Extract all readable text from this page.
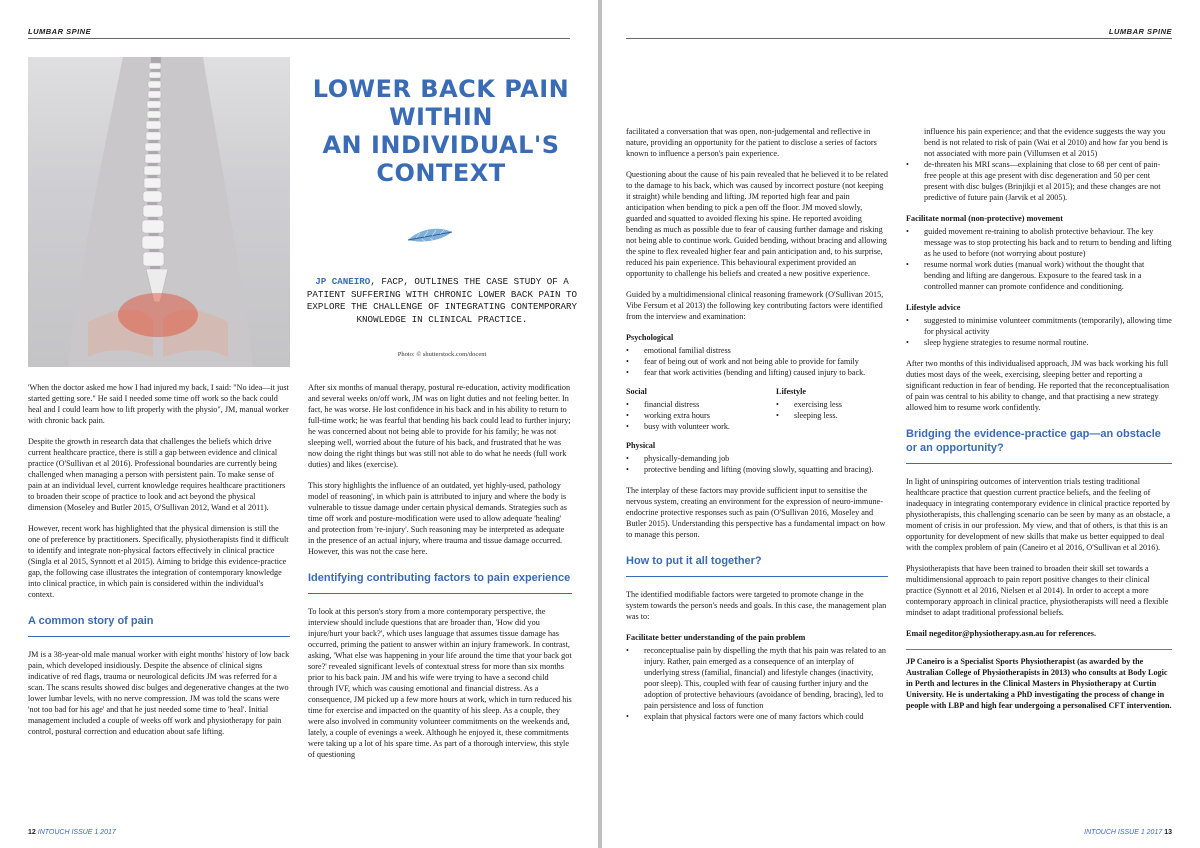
LUMBAR SPINE
LOWER BACK PAIN
WITHIN
AN INDIVIDUAL'S
CONTEXT
JP CANEIRO, FACP, OUTLINES THE CASE STUDY OF A PATIENT SUFFERING WITH CHRONIC LOWER BACK PAIN TO EXPLORE THE CHALLENGE OF INTEGRATING CONTEMPORARY KNOWLEDGE IN CLINICAL PRACTICE.
Photo: © shutterstock.com/docent

'When the doctor asked me how I had injured my back, I said: "No idea—it just started getting sore." He said I needed some time off work so the back could heal and I could learn how to lift properly with the physio", JM, manual worker with chronic back pain.

Despite the growth in research data that challenges the beliefs which drive current healthcare practice, there is still a gap between evidence and clinical practice (O'Sullivan et al 2016). Professional boundaries are currently being challenged when managing a person with persistent pain. To make sense of pain at an individual level, current knowledge requires healthcare practitioners to broaden their scope of practice to look and act beyond the physical dimension (Moseley and Butler 2015, O'Sullivan 2012, Wand et al 2011).

However, recent work has highlighted that the physical dimension is still the one of preference by practitioners. Specifically, physiotherapists find it difficult to identify and integrate non-physical factors effectively in clinical practice (Singla et al 2015, Synnott et al 2015). Aiming to bridge this evidence-practice gap, the following case illustrates the integration of contemporary knowledge into clinical practice, in which pain is considered within the individual's context.

A common story of pain

JM is a 38-year-old male manual worker with eight months' history of low back pain, which developed insidiously. Despite the absence of clinical signs indicative of red flags, trauma or neurological deficits JM was referred for a scan. The scans results showed disc bulges and degenerative changes at the two lower lumbar levels, with no nerve compression. JM was told the scans were 'not too bad for his age' and that he just needed some time to 'heal'. Initial management included a couple of weeks off work and physiotherapy for pain control, postural correction and education about safe lifting.

After six months of manual therapy, postural re-education, activity modification and several weeks on/off work, JM was on light duties and not feeling better. In fact, he was worse. He lost confidence in his back and in his ability to return to full-time work; he was fearful that bending his back could lead to further injury; he was concerned about not being able to provide for his family; he was not sleeping well, worried about the future of his back, and frustrated that he was now doing the right things but was still not able to do what he needs (full work duties) and likes (exercise).

This story highlights the influence of an outdated, yet highly-used, pathology model of reasoning', in which pain is attributed to injury and where the body is vulnerable to tissue damage under certain physical demands. Strategies such as time off work and posture-modification were used to allow adequate 'healing' and protection from 're-injury'. Such reasoning may be interpreted as adequate in the presence of an actual injury, where trauma and tissue damage occurred. However, this was not the case here.

Identifying contributing factors to pain experience

To look at this person's story from a more contemporary perspective, the interview should include questions that are broader than, 'How did you injure/hurt your back?', which uses language that assumes tissue damage has occurred, priming the patient to answer within an injury framework. In contrast, asking, 'What else was happening in your life around the time that your back got sore?' revealed significant levels of contextual stress for more than six months prior to his back pain. JM and his wife were trying to have a second child through IVF, which was causing emotional and financial distress. As a consequence, JM picked up a few more hours at work, which in turn reduced his time for exercise and impacted on the quantity of his sleep. As a couple, they were also involved in community volunteer commitments on the weekends and, lately, a couple of evenings a week. Although he enjoyed it, these commitments were taking up a lot of his spare time. As part of a thorough interview, this style of questioning

12 INTOUCH ISSUE 1 2017
LUMBAR SPINE

facilitated a conversation that was open, non-judgemental and reflective in nature, providing an opportunity for the patient to disclose a series of factors known to influence a person's pain experience.

Questioning about the cause of his pain revealed that he believed it to be related to the damage to his back, which was caused by incorrect posture (not keeping it straight) while bending and lifting. JM reported high fear and pain anticipation when bending to pick a pen off the floor. JM moved slowly, guarded and squatted to avoided flexing his spine. He reported avoiding bending as much as possible due to fear of causing further damage and risking not being able to continue work. Guided bending, without bracing and allowing the spine to flex revealed higher fear and pain anticipation and, to his surprise, reduced his pain experience. This behavioural experiment provided an opportunity to challenge his beliefs and created a new positive experience.

Guided by a multidimensional clinical reasoning framework (O'Sullivan 2015, Vibe Fersum et al 2013) the following key contributing factors were identified from the interview and examination:

Psychological
• emotional familial distress
• fear of being out of work and not being able to provide for family
• fear that work activities (bending and lifting) caused injury to back.
Social
• financial distress
• working extra hours
• busy with volunteer work.
Lifestyle
• exercising less
• sleeping less.
Physical
• physically-demanding job
• protective bending and lifting (moving slowly, squatting and bracing).

The interplay of these factors may provide sufficient input to sensitise the nervous system, creating an environment for the expression of neuro-immune-endocrine protective responses such as pain (O'Sullivan 2016, Moseley and Butler 2015). Understanding this perspective has a fundamental impact on how to manage this person.

How to put it all together?

The identified modifiable factors were targeted to promote change in the system towards the person's needs and goals. In this case, the management plan was to:

Facilitate better understanding of the pain problem
• reconceptualise pain by dispelling the myth that his pain was related to an injury. Rather, pain emerged as a consequence of an interplay of underlying stress (familial, financial) and lifestyle changes (inactivity, poor sleep). This, coupled with fear of causing further injury and the adoption of protective behaviours (avoidance of bending, bracing), led to pain persistence and loss of function
• explain that physical factors were one of many factors which could

influence his pain experience; and that the evidence suggests the way you bend is not related to risk of pain (Wai et al 2010) and how far you bend is not associated with more pain (Villumsen et al 2015)

• de-threaten his MRI scans—explaining that close to 68 per cent of pain-free people at this age present with disc degeneration and 50 per cent present with disc bulges (Brinjikji et al 2015); and these changes are not predictive of future pain (Jarvik et al 2005).
Facilitate normal (non-protective) movement
• guided movement re-training to abolish protective behaviour. The key message was to stop protecting his back and to return to bending and lifting as he used to before (not worrying about posture)
• resume normal work duties (manual work) without the thought that bending and lifting are dangerous. Exposure to the feared task in a controlled manner can promote confidence and conditioning.
Lifestyle advice
• suggested to minimise volunteer commitments (temporarily), allowing time for physical activity
• sleep hygiene strategies to resume normal routine.

After two months of this individualised approach, JM was back working his full duties most days of the week, exercising, sleeping better and reporting a significant reduction in fear of bending. He reported that the reconceptualisation of pain was central to his ability to change, and that practising a new strategy allowed him to resume work confidently.

Bridging the evidence-practice gap—an obstacle or an opportunity?

In light of uninspiring outcomes of intervention trials testing traditional healthcare practice that question current practice beliefs, and the feeling of inadequacy in integrating contemporary evidence in clinical practice reported by physiotherapists, this challenging scenario can be seen by many as an obstacle, a moment of crisis in our profession. My view, and that of others, is that this is an opportunity for development of new skills that make us better equipped to deal with the complex problem of pain (Caneiro et al 2016, O'Sullivan et al 2016).

Physiotherapists that have been trained to broaden their skill set towards a multidimensional approach to pain report positive changes to their clinical practice (Synnott et al 2016, Nielsen et al 2014). In order to accept a more contemporary approach in clinical practice, physiotherapists will need a flexible mindset to adapt traditional professional beliefs.

Email negeditor@physiotherapy.asn.au for references.

JP Caneiro is a Specialist Sports Physiotherapist (as awarded by the Australian College of Physiotherapists in 2013) who consults at Body Logic in Perth and lectures in the Clinical Masters in Physiotherapy at Curtin University. He is undertaking a PhD investigating the process of change in people with LBP and high fear undergoing a personalised CFT intervention.

INTOUCH ISSUE 1 2017 13
